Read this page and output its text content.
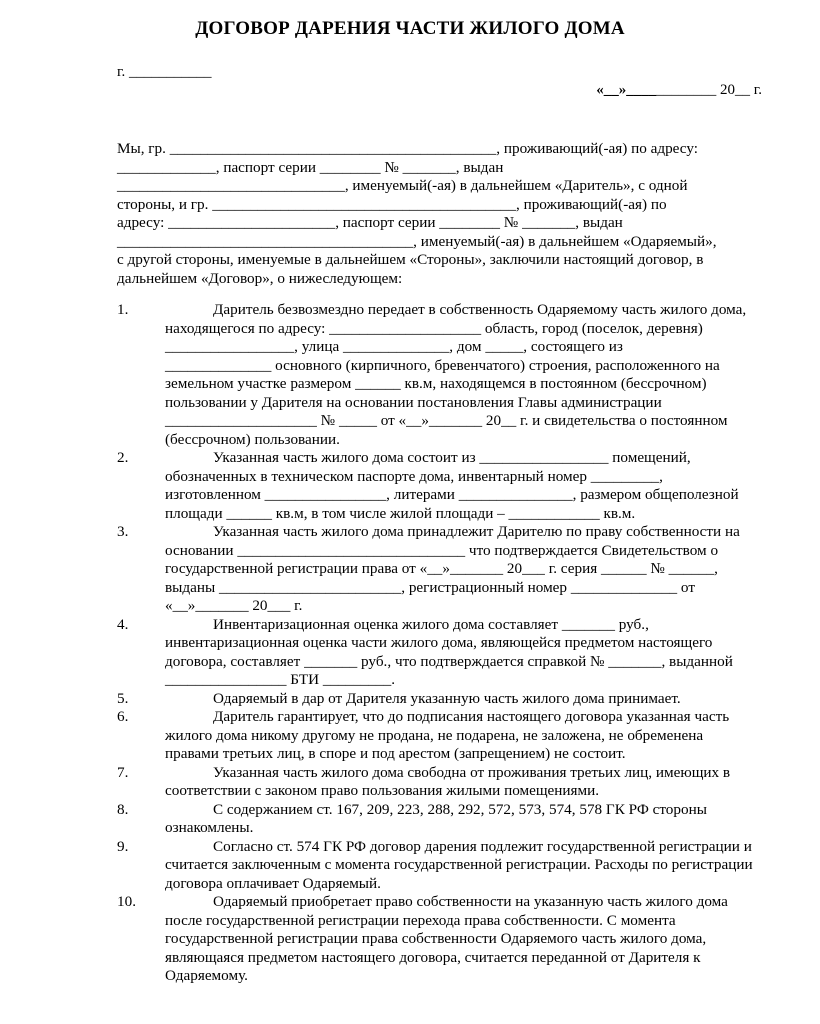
ДОГОВОР ДАРЕНИЯ ЧАСТИ ЖИЛОГО ДОМА
г. ___________
«__»____________ 20__ г.
Мы, гр. ___________________________________________, проживающий(-ая) по адресу:
_____________, паспорт серии ________ № _______, выдан
______________________________, именуемый(-ая) в дальнейшем «Даритель», с одной
стороны, и гр. ________________________________________, проживающий(-ая) по
адресу: ______________________, паспорт серии ________ № _______, выдан
_______________________________________, именуемый(-ая) в дальнейшем «Одаряемый»,
с другой стороны, именуемые в дальнейшем «Стороны», заключили настоящий договор, в
дальнейшем «Договор», о нижеследующем:
1.	Даритель безвозмездно передает в собственность Одаряемому часть жилого дома,
находящегося по адресу: ____________________ область, город (поселок, деревня)
_________________, улица ______________, дом _____, состоящего из
______________ основного (кирпичного, бревенчатого) строения, расположенного на
земельном участке размером ______ кв.м, находящемся в постоянном (бессрочном)
пользовании у Дарителя на основании постановления Главы администрации
____________________ № _____ от «__»_______ 20__ г. и свидетельства о постоянном
(бессрочном) пользовании.
2.	Указанная часть жилого дома состоит из _________________ помещений,
обозначенных в техническом паспорте дома, инвентарный номер _________,
изготовленном ________________, литерами _______________, размером общеполезной
площади ______ кв.м, в том числе жилой площади – ____________ кв.м.
3.	Указанная часть жилого дома принадлежит Дарителю по праву собственности на
основании ______________________________ что подтверждается Свидетельством о
государственной регистрации права от «__»_______ 20___ г. серия ______ № ______,
выданы ________________________, регистрационный номер ______________ от
«__»_______ 20___ г.
4.	Инвентаризационная оценка жилого дома составляет _______ руб.,
инвентаризационная оценка части жилого дома, являющейся предметом настоящего
договора, составляет _______ руб., что подтверждается справкой № _______, выданной
________________ БТИ _________.
5.	Одаряемый в дар от Дарителя указанную часть жилого дома принимает.
6.	Даритель гарантирует, что до подписания настоящего договора указанная часть
жилого дома никому другому не продана, не подарена, не заложена, не обременена
правами третьих лиц, в споре и под арестом (запрещением) не состоит.
7.	Указанная часть жилого дома свободна от проживания третьих лиц, имеющих в
соответствии с законом право пользования жилыми помещениями.
8.	С содержанием ст. 167, 209, 223, 288, 292, 572, 573, 574, 578 ГК РФ стороны
ознакомлены.
9.	Согласно ст. 574 ГК РФ договор дарения подлежит государственной регистрации и
считается заключенным с момента государственной регистрации. Расходы по регистрации
договора оплачивает Одаряемый.
10.	Одаряемый приобретает право собственности на указанную часть жилого дома
после государственной регистрации перехода права собственности. С момента
государственной регистрации права собственности Одаряемого часть жилого дома,
являющаяся предметом настоящего договора, считается переданной от Дарителя к
Одаряемому.
